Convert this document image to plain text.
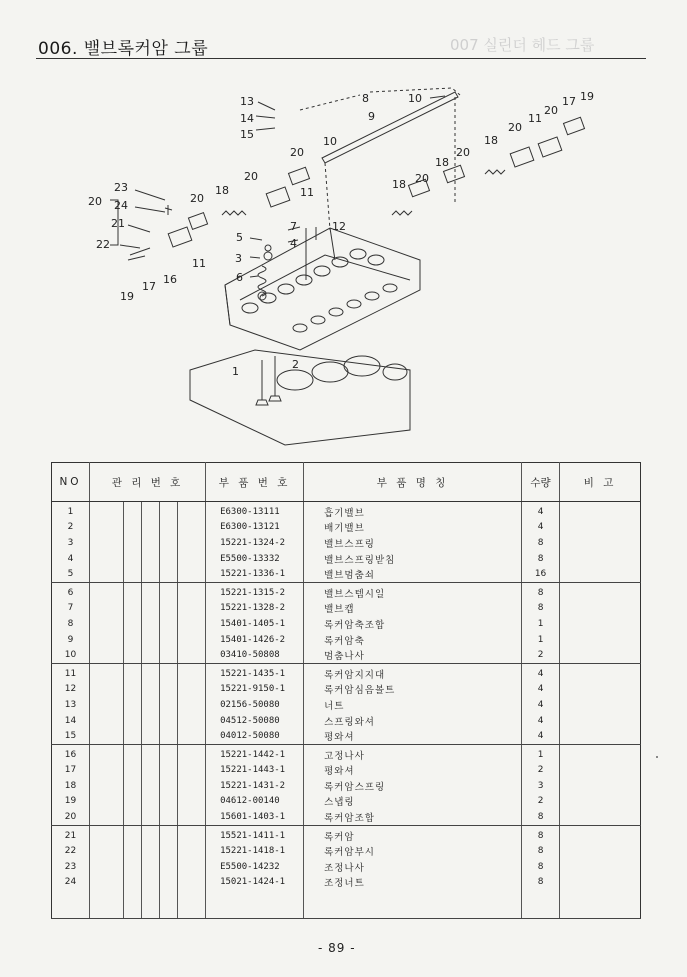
006. 밸브록커암 그룹	007 실린더 헤드 그룹
1
2
3
4
5
6
7
8
9
10
10
11
11
11
12
13
14
15
16
17
17
18	18
18
18
19
19
20	20
20
20
20
20
20
20
21
22
23
24
NO	관 리 번 호					부 품 번 호	부 품 명 칭	수량	비 고
1						E6300-13111	흡기밸브	4	
2						E6300-13121	배기밸브	4	
3						15221-1324-2	밸브스프링	8	
4						E5500-13332	밸브스프링받침	8	
5						15221-1336-1	밸브멈춤쇠	16	
6						15221-1315-2	밸브스템시일	8	
7						15221-1328-2	밸브캡	8	
8						15401-1405-1	록커암축조합	1	
9						15401-1426-2	록커암축	1	
10						03410-50808	멈춤나사	2	
11						15221-1435-1	록커암지지대	4	
12						15221-9150-1	록커암심음볼트	4	
13						02156-50080	너트	4	
14						04512-50080	스프링와셔	4	
15						04012-50080	평와셔	4	
16						15221-1442-1	고정나사	1	
17						15221-1443-1	평와셔	2	
18						15221-1431-2	록커암스프링	3	
19						04612-00140	스냅링	2	
20						15601-1403-1	록커암조합	8	
21						15521-1411-1	록커암	8	
22						15221-1418-1	록커암부시	8	
23						E5500-14232	조정나사	8	
24						15021-1424-1	조정너트	8	
- 89 -
